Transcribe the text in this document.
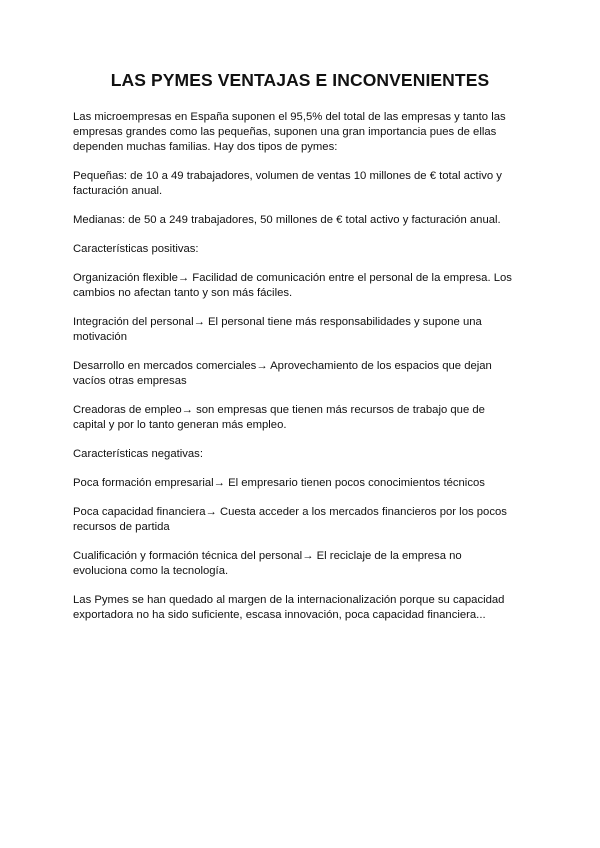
LAS PYMES VENTAJAS E INCONVENIENTES

Las microempresas en España suponen el 95,5% del total de las empresas y tanto las empresas grandes como las pequeñas, suponen una gran importancia pues de ellas dependen muchas familias. Hay dos tipos de pymes:

Pequeñas: de 10 a 49 trabajadores, volumen de ventas 10 millones de € total activo y facturación anual.

Medianas: de 50 a 249 trabajadores, 50 millones de € total activo y facturación anual.

Características positivas:

Organización flexible→ Facilidad de comunicación entre el personal de la empresa. Los cambios no afectan tanto y son más fáciles.

Integración del personal→ El personal tiene más responsabilidades y supone una motivación

Desarrollo en mercados comerciales→ Aprovechamiento de los espacios que dejan vacíos otras empresas

Creadoras de empleo→ son empresas que tienen más recursos de trabajo que de capital y por lo tanto generan más empleo.

Características negativas:

Poca formación empresarial→ El empresario tienen pocos conocimientos técnicos

Poca capacidad financiera→ Cuesta acceder a los mercados financieros por los pocos recursos de partida

Cualificación y formación técnica del personal→ El reciclaje de la empresa no evoluciona como la tecnología.

Las Pymes se han quedado al margen de la internacionalización porque su capacidad exportadora no ha sido suficiente, escasa innovación, poca capacidad financiera...
